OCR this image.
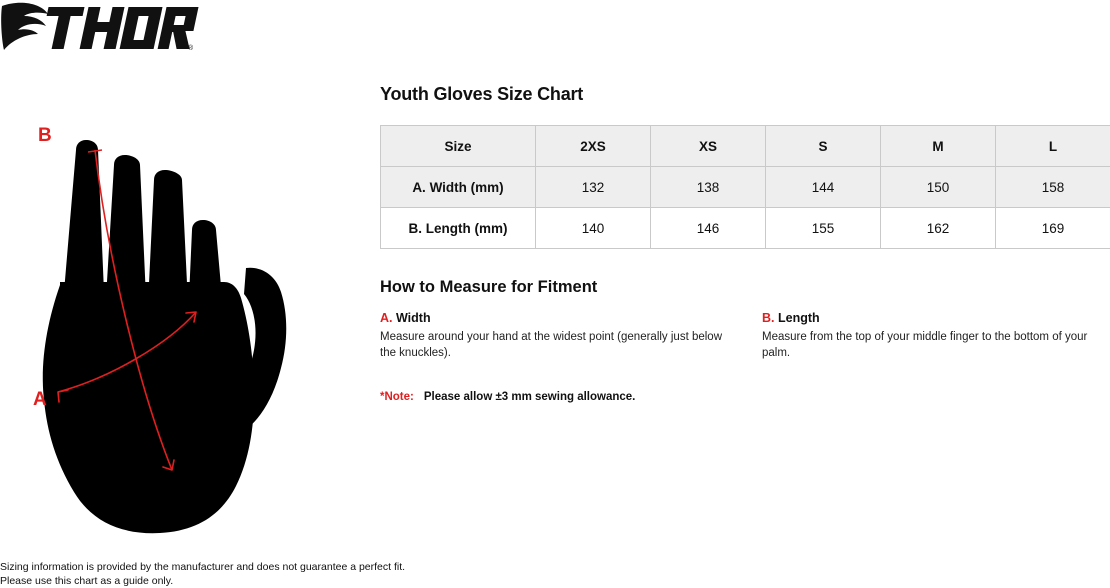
®
B
A
Youth Gloves Size Chart
Size	2XS	XS	S	M	L
A. Width (mm)	132	138	144	150	158
B. Length (mm)	140	146	155	162	169
How to Measure for Fitment

A. Width

Measure around your hand at the widest point (generally just below the knuckles).

B. Length

Measure from the top of your middle finger to the bottom of your palm.

*Note: Please allow ±3 mm sewing allowance.

Sizing information is provided by the manufacturer and does not guarantee a perfect fit.
Please use this chart as a guide only.
